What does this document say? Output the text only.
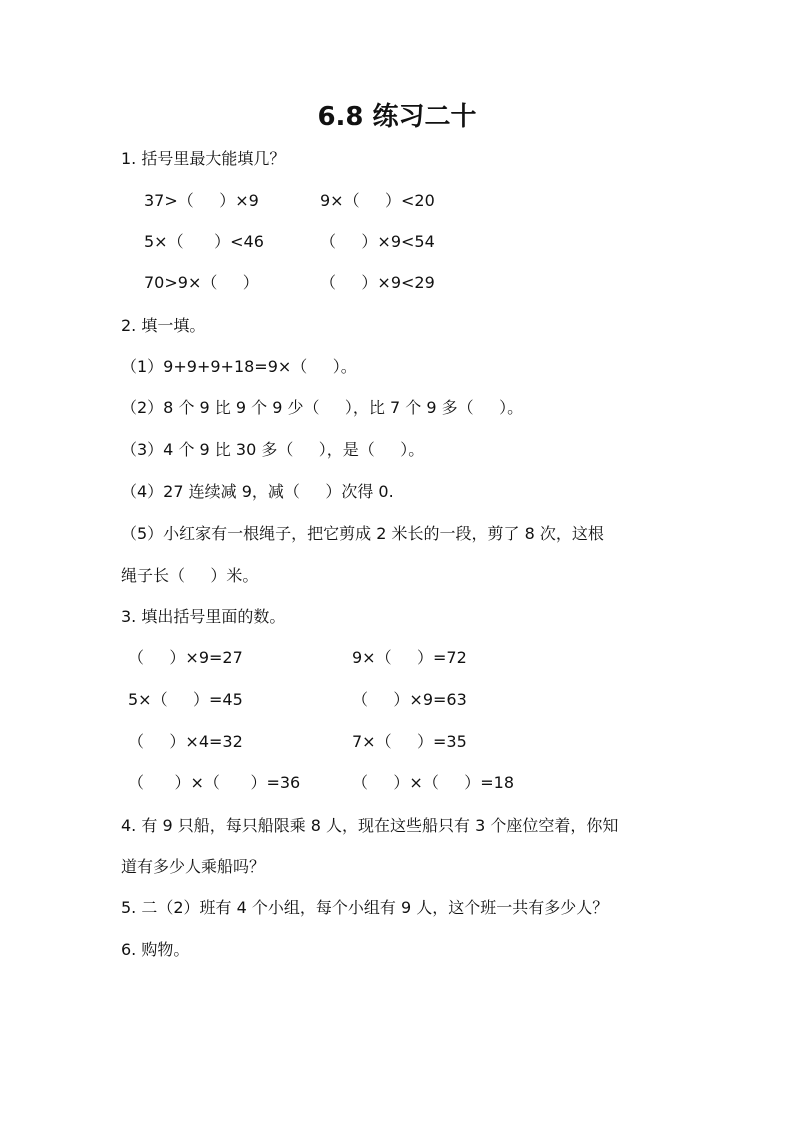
6.8 练习二十
1. 括号里最大能填几？
37>（     ）×9	9×（     ）<20
5×（      ）<46	（     ）×9<54
70>9×（     ）	（     ）×9<29
2. 填一填。
（1）9+9+9+18=9×（     ）。
（2）8 个 9 比 9 个 9 少（     ），比 7 个 9 多（     ）。
（3）4 个 9 比 30 多（     ），是（     ）。
（4）27 连续减 9，减（     ）次得 0.
（5）小红家有一根绳子，把它剪成 2 米长的一段，剪了 8 次，这根
绳子长（     ）米。
3. 填出括号里面的数。
（     ）×9=27	9×（     ）=72
5×（     ）=45	（     ）×9=63
（     ）×4=32	7×（     ）=35
（      ）×（      ）=36	（     ）×（     ）=18
4. 有 9 只船，每只船限乘 8 人，现在这些船只有 3 个座位空着，你知
道有多少人乘船吗？
5. 二（2）班有 4 个小组，每个小组有 9 人，这个班一共有多少人？
6. 购物。
